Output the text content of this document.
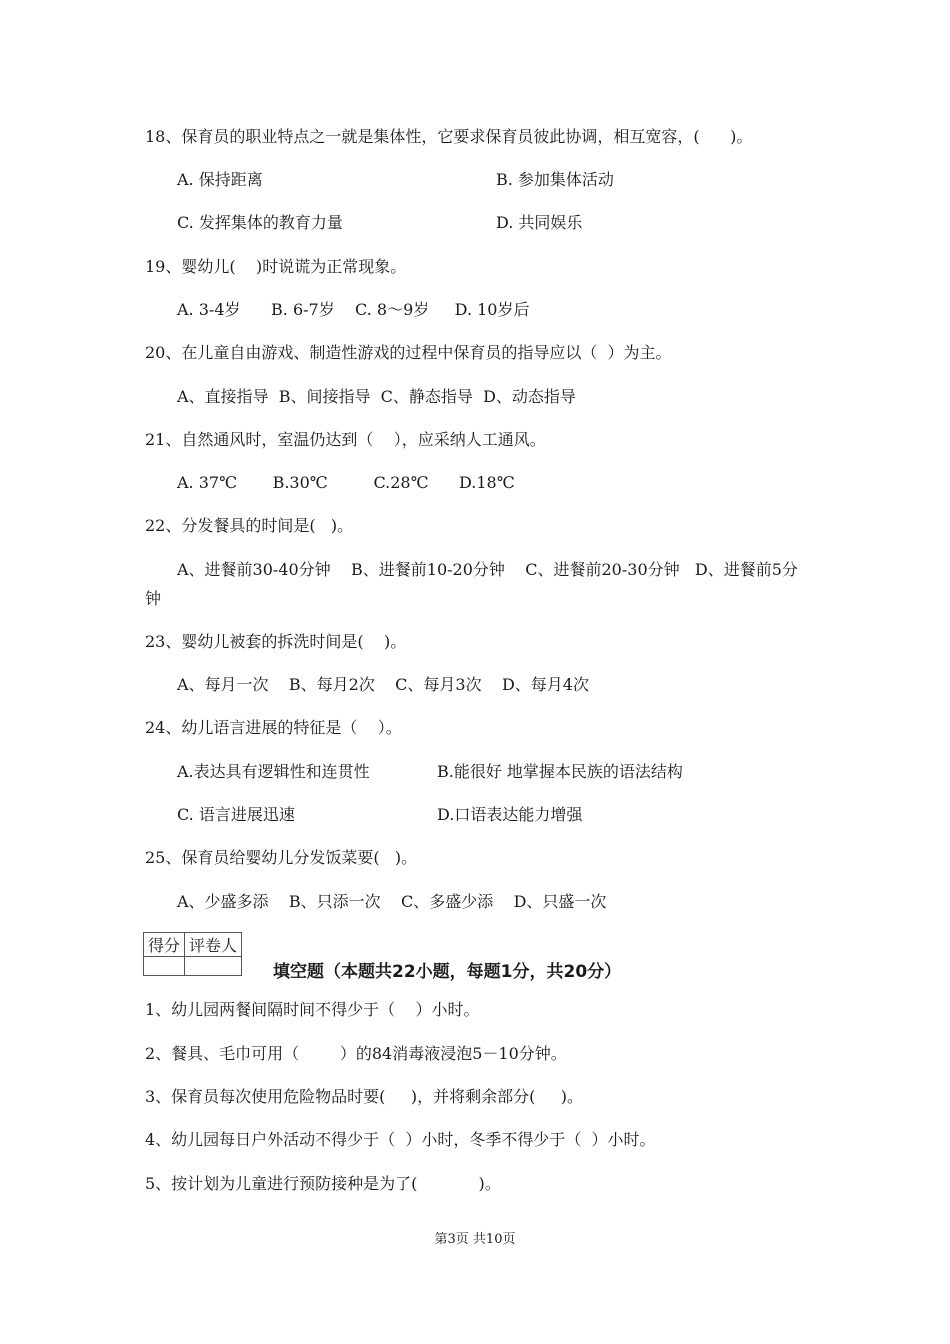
18、保育员的职业特点之一就是集体性，它要求保育员彼此协调，相互宽容，(      )。
A. 保持距离	B. 参加集体活动
C. 发挥集体的教育力量	D. 共同娱乐
19、婴幼儿(    )时说谎为正常现象。
A. 3-4岁      B. 6-7岁    C. 8～9岁     D. 10岁后
20、在儿童自由游戏、制造性游戏的过程中保育员的指导应以（  ）为主。
A、直接指导  B、间接指导  C、静态指导  D、动态指导
21、自然通风时，室温仍达到（    ），应采纳人工通风。
A. 37℃       B.30℃         C.28℃      D.18℃
22、分发餐具的时间是(   )。
A、进餐前30-40分钟    B、进餐前10-20分钟    C、进餐前20-30分钟   D、进餐前5分
钟
23、婴幼儿被套的拆洗时间是(    )。
A、每月一次    B、每月2次    C、每月3次    D、每月4次
24、幼儿语言进展的特征是（    ）。
A.表达具有逻辑性和连贯性	B.能很好 地掌握本民族的语法结构
C. 语言进展迅速	D.口语表达能力增强
25、保育员给婴幼儿分发饭菜要(   )。
A、少盛多添    B、只添一次    C、多盛少添    D、只盛一次
得分	评卷人

填空题（本题共22小题，每题1分，共20分）
1、幼儿园两餐间隔时间不得少于（    ）小时。
2、餐具、毛巾可用（        ）的84消毒液浸泡5－10分钟。
3、保育员每次使用危险物品时要(     )，并将剩余部分(     )。
4、幼儿园每日户外活动不得少于（  ）小时，冬季不得少于（  ）小时。
5、按计划为儿童进行预防接种是为了(            )。
第3页 共10页
